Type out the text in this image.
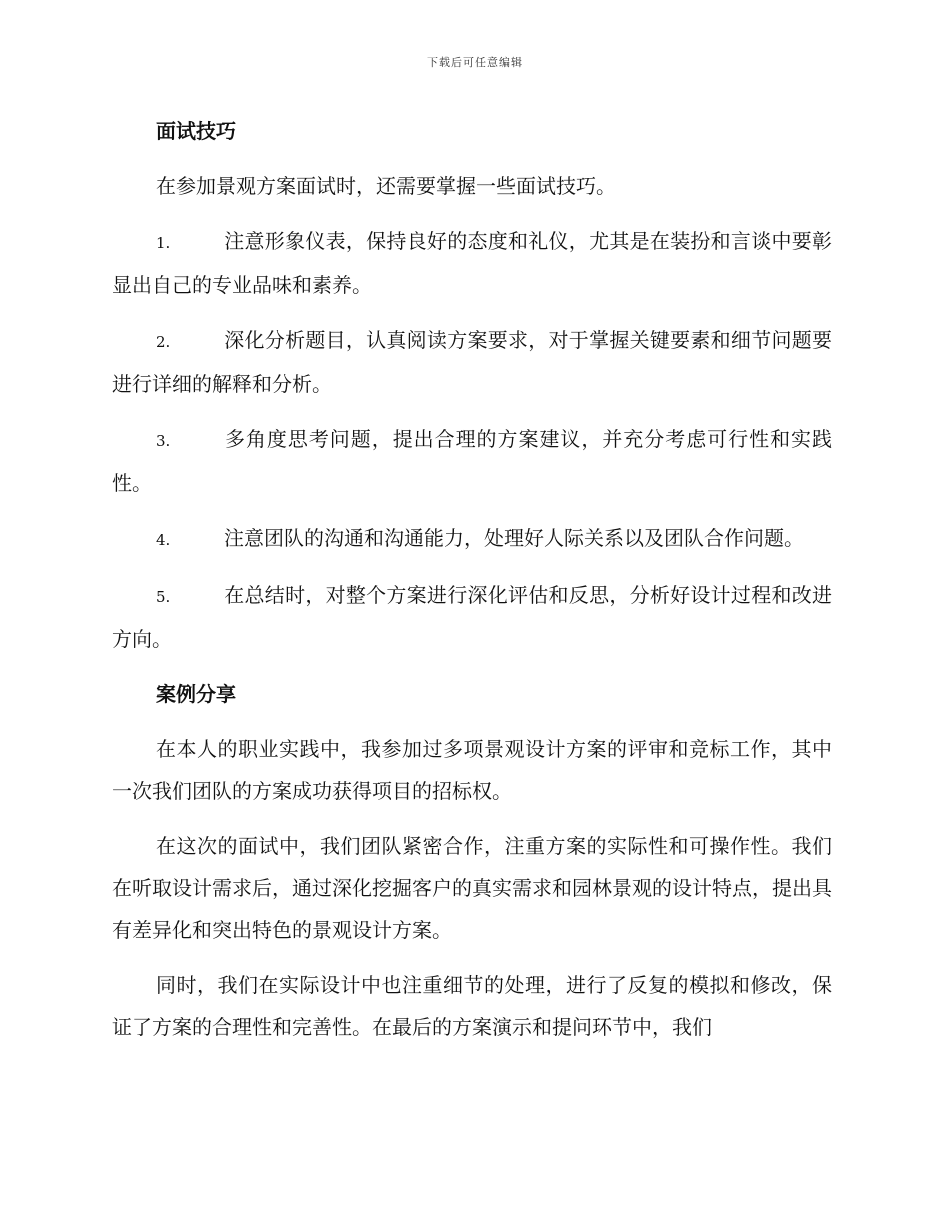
下载后可任意编辑
面试技巧

在参加景观方案面试时，还需要掌握一些面试技巧。

1.	注意形象仪表，保持良好的态度和礼仪，尤其是在装扮和言谈中要彰显出自己的专业品味和素养。

2.	深化分析题目，认真阅读方案要求，对于掌握关键要素和细节问题要进行详细的解释和分析。

3.	多角度思考问题，提出合理的方案建议，并充分考虑可行性和实践性。

4.	注意团队的沟通和沟通能力，处理好人际关系以及团队合作问题。

5.	在总结时，对整个方案进行深化评估和反思，分析好设计过程和改进方向。

案例分享

在本人的职业实践中，我参加过多项景观设计方案的评审和竞标工作，其中一次我们团队的方案成功获得项目的招标权。

在这次的面试中，我们团队紧密合作，注重方案的实际性和可操作性。我们在听取设计需求后，通过深化挖掘客户的真实需求和园林景观的设计特点，提出具有差异化和突出特色的景观设计方案。

同时，我们在实际设计中也注重细节的处理，进行了反复的模拟和修改，保证了方案的合理性和完善性。在最后的方案演示和提问环节中，我们
